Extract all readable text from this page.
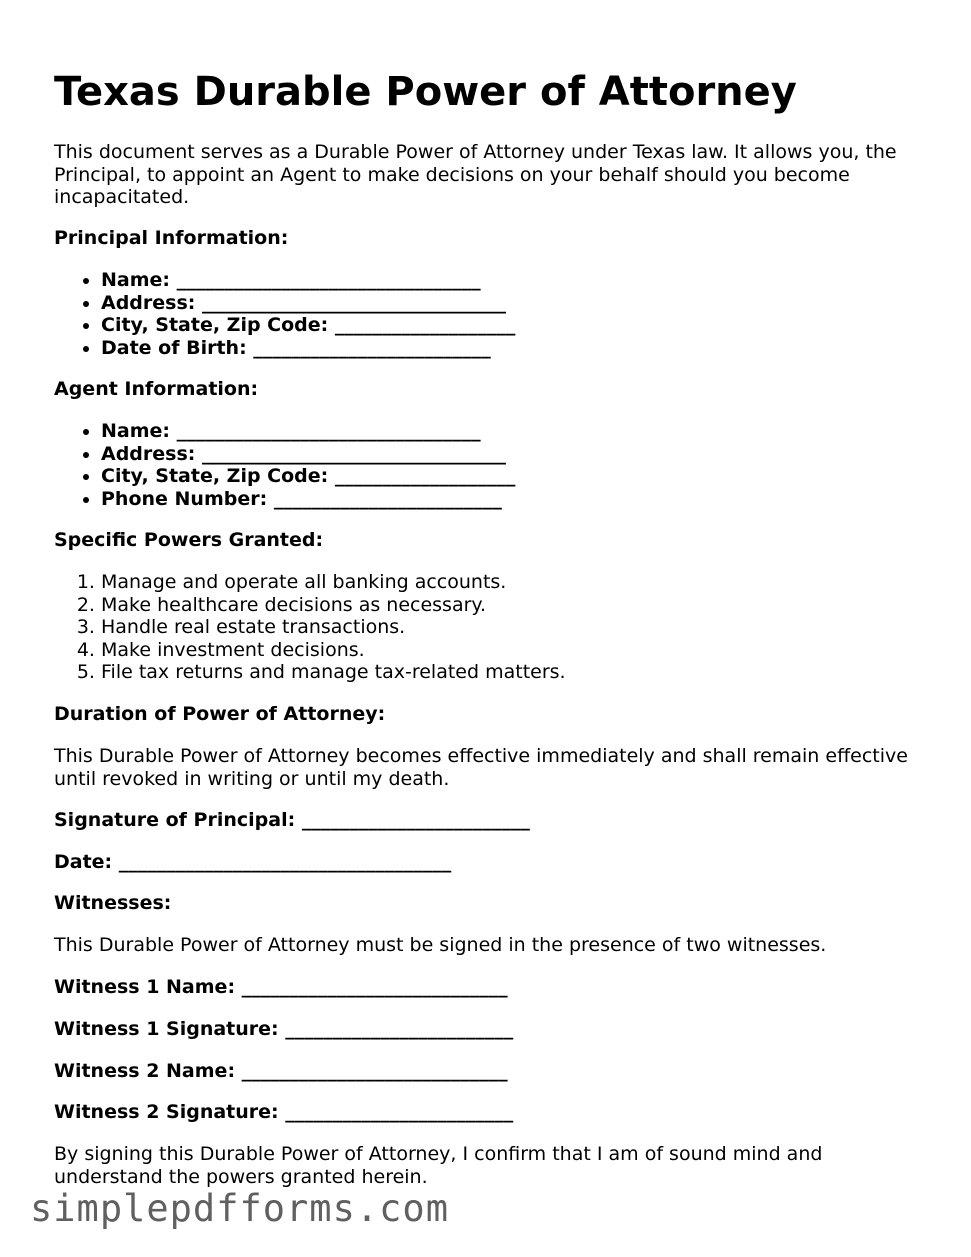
Texas Durable Power of Attorney

This document serves as a Durable Power of Attorney under Texas law. It allows you, the Principal, to appoint an Agent to make decisions on your behalf should you become incapacitated.

Principal Information:

• Name: ________________________________
• Address: ________________________________
• City, State, Zip Code: ___________________
• Date of Birth: _________________________

Agent Information:

• Name: ________________________________
• Address: ________________________________
• City, State, Zip Code: ___________________
• Phone Number: ________________________

Specific Powers Granted:

1. Manage and operate all banking accounts.
2. Make healthcare decisions as necessary.
3. Handle real estate transactions.
4. Make investment decisions.
5. File tax returns and manage tax-related matters.

Duration of Power of Attorney:

This Durable Power of Attorney becomes effective immediately and shall remain effective until revoked in writing or until my death.

Signature of Principal: ________________________

Date: ___________________________________

Witnesses:

This Durable Power of Attorney must be signed in the presence of two witnesses.

Witness 1 Name: ____________________________

Witness 1 Signature: ________________________

Witness 2 Name: ____________________________

Witness 2 Signature: ________________________

By signing this Durable Power of Attorney, I confirm that I am of sound mind and understand the powers granted herein.

simplepdfforms.com
